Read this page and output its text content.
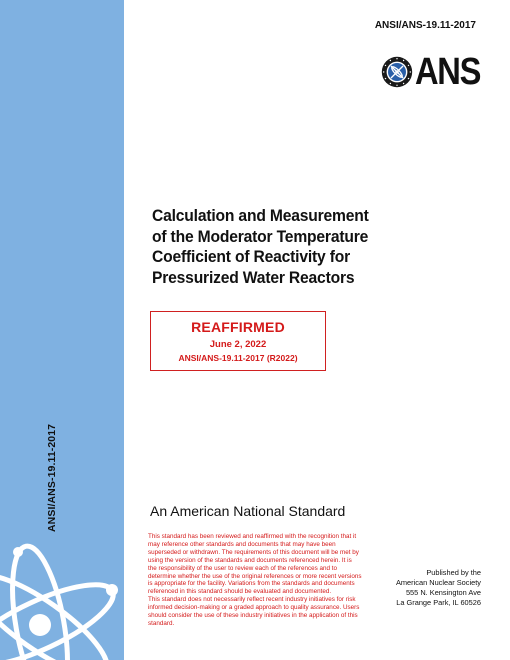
ANSI/ANS-19.11-2017
ANSI/ANS-19.11-2017
ANS
Calculation and Measurement
of the Moderator Temperature
Coefficient of Reactivity for
Pressurized Water Reactors
REAFFIRMED
June 2, 2022
ANSI/ANS-19.11-2017 (R2022)
An American National Standard
This standard has been reviewed and reaffirmed with the recognition that it
may reference other standards and documents that may have been
superseded or withdrawn. The requirements of this document will be met by
using the version of the standards and documents referenced herein. It is
the responsibility of the user to review each of the references and to
determine whether the use of the original references or more recent versions
is appropriate for the facility. Variations from the standards and documents
referenced in this standard should be evaluated and documented.
This standard does not necessarily reflect recent industry initiatives for risk
informed decision-making or a graded approach to quality assurance. Users
should consider the use of these industry initiatives in the application of this
standard.
Published by the
American Nuclear Society
555 N. Kensington Ave
La Grange Park, IL 60526
